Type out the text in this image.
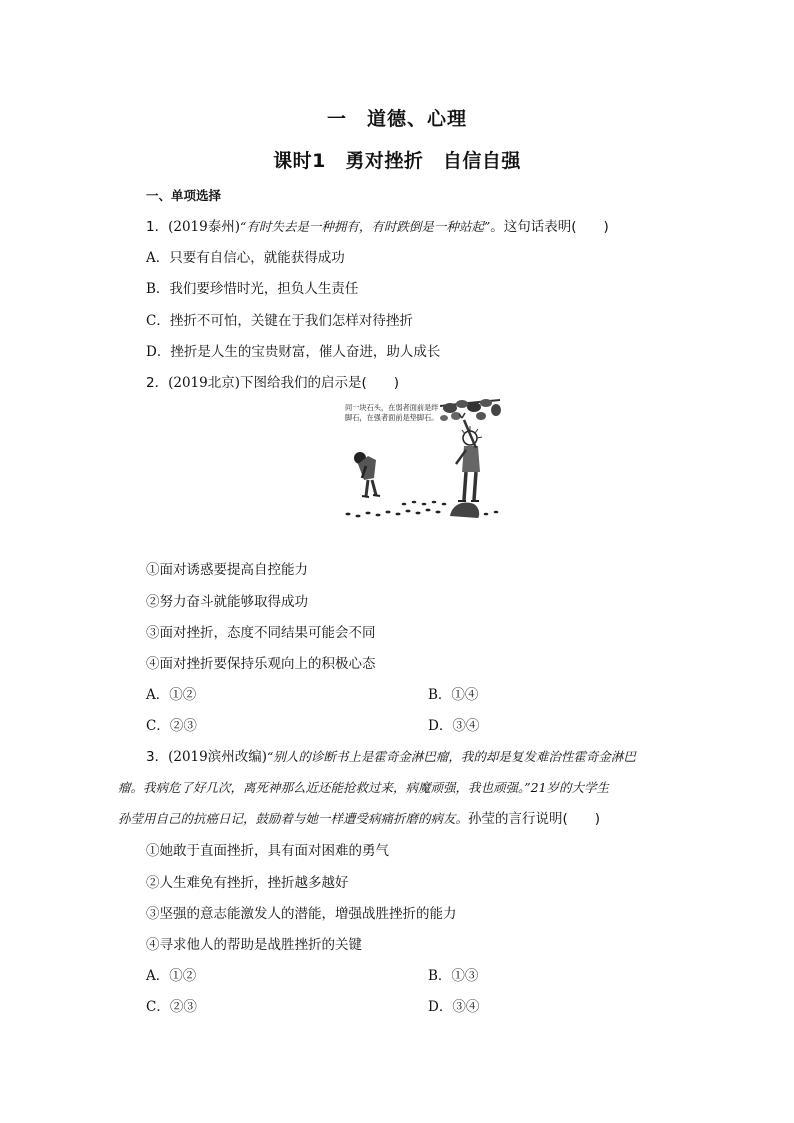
一　道德、心理
课时1　勇对挫折　自信自强
一、单项选择
1．(2019泰州)“有时失去是一种拥有，有时跌倒是一种站起”。这句话表明(　　)
A．只要有自信心，就能获得成功
B．我们要珍惜时光，担负人生责任
C．挫折不可怕，关键在于我们怎样对待挫折
D．挫折是人生的宝贵财富，催人奋进，助人成长
2．(2019北京)下图给我们的启示是(　　)
同一块石头，在弱者面前是绊脚石，在强者面前是垫脚石。
①面对诱惑要提高自控能力
②努力奋斗就能够取得成功
③面对挫折，态度不同结果可能会不同
④面对挫折要保持乐观向上的积极心态
A．①②	B．①④
C．②③	D．③④
3．(2019滨州改编)“别人的诊断书上是霍奇金淋巴瘤，我的却是复发难治性霍奇金淋巴
瘤。我病危了好几次，离死神那么近还能抢救过来，病魔顽强，我也顽强。”21岁的大学生
孙莹用自己的抗癌日记，鼓励着与她一样遭受病痛折磨的病友。孙莹的言行说明(　　)
①她敢于直面挫折，具有面对困难的勇气
②人生难免有挫折，挫折越多越好
③坚强的意志能激发人的潜能，增强战胜挫折的能力
④寻求他人的帮助是战胜挫折的关键
A．①②	B．①③
C．②③	D．③④
